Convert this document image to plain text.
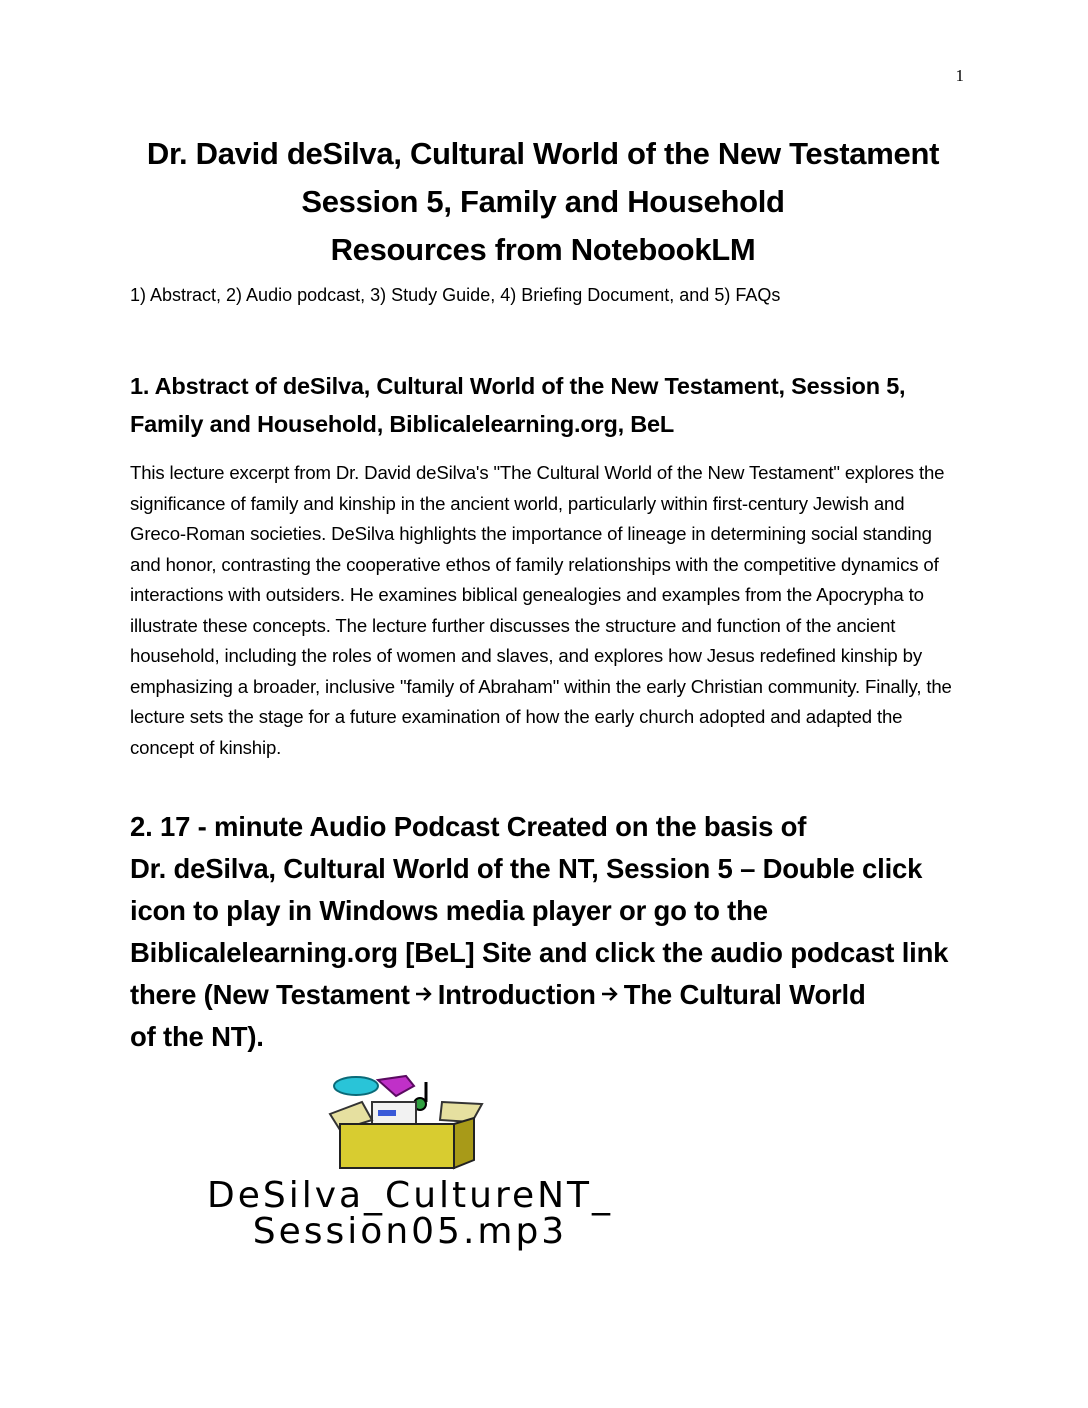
1
Dr. David deSilva, Cultural World of the New Testament
Session 5, Family and Household
Resources from NotebookLM
1) Abstract, 2) Audio podcast, 3) Study Guide, 4) Briefing Document, and 5) FAQs
1. Abstract of deSilva, Cultural World of the New Testament, Session 5, Family and Household, Biblicalelearning.org, BeL
This lecture excerpt from Dr. David deSilva's "The Cultural World of the New Testament" explores the significance of family and kinship in the ancient world, particularly within first-century Jewish and Greco-Roman societies. DeSilva highlights the importance of lineage in determining social standing and honor, contrasting the cooperative ethos of family relationships with the competitive dynamics of interactions with outsiders. He examines biblical genealogies and examples from the Apocrypha to illustrate these concepts. The lecture further discusses the structure and function of the ancient household, including the roles of women and slaves, and explores how Jesus redefined kinship by emphasizing a broader, inclusive "family of Abraham" within the early Christian community. Finally, the lecture sets the stage for a future examination of how the early church adopted and adapted the concept of kinship.
2. 17 - minute Audio Podcast Created on the basis of
Dr. deSilva, Cultural World of the NT, Session 5 – Double click
icon to play in Windows media player or go to the
Biblicalelearning.org [BeL] Site and click the audio podcast link
there (New Testament Introduction The Cultural World
of the NT).
DeSilva_CultureNT_
Session05.mp3
